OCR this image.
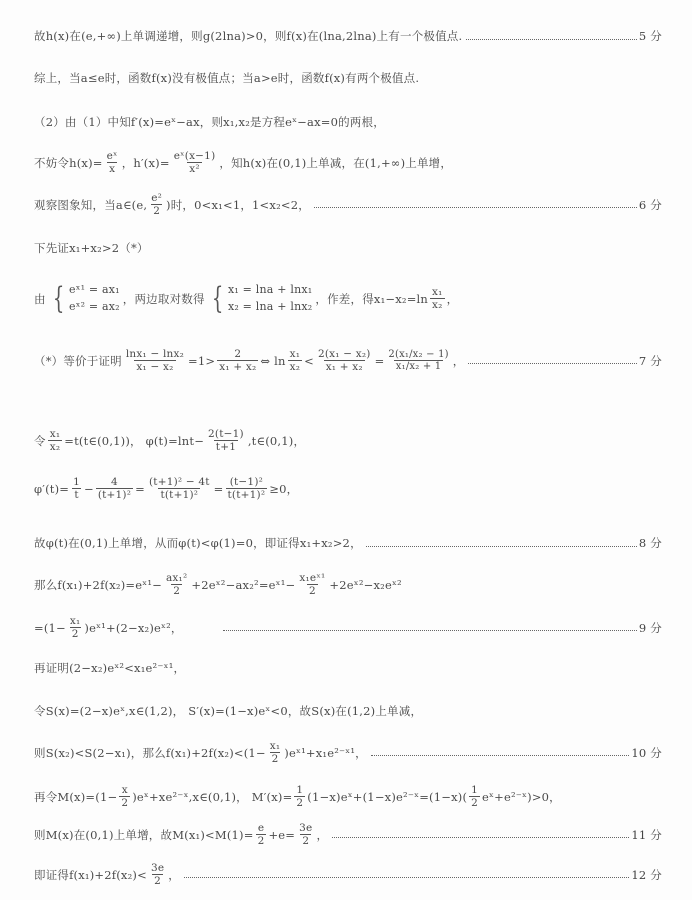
故h(x)在(e,+∞)上单调递增，则g(2lna)>0，则f(x)在(lna,2lna)上有一个极值点.	5 分
综上，当a≤e时，函数f(x)没有极值点；当a>e时，函数f(x)有两个极值点.
（2）由（1）中知f′(x)=eˣ−ax，则x₁,x₂是方程eˣ−ax=0的两根，
不妨令$h(x)= \frac{\text{eˣ}}{x}$ ，$h'(x)= \frac{\text{eˣ(x−1)}}{\text{x²}}$ ，知h(x)在(0,1)上单减，在(1,+∞)上单增，
观察图象知，当a∈(e, $\frac{\text{e²}}{2}$ )时，0<x₁<1，1<x₂<2，	6 分
下先证x₁+x₂>2（*）
由 { eˣ¹ = ax₁
eˣ² = ax₂
，两边取对数得 { x₁ = lna + lnx₁
x₂ = lna + lnx₂
，作差，得$x_1-x_2=\ln \frac{\text{x₁}}{\text{x₂}}$ ，
（*）等价于证明 $\frac{\text{lnx₁ − lnx₂}}{\text{x₁ − x₂}} =1> \frac{2}{\text{x₁ + x₂}}$ ⇔ $\ln \frac{\text{x₁}}{\text{x₂}} < \frac{\text{2(x₁ − x₂)}}{\text{x₁ + x₂}} = \frac{\text{2(x₁/x₂ − 1)}}{\text{x₁/x₂ + 1}}$ ，	7 分
令 $\frac{\text{x₁}}{\text{x₂}}$ =t(t∈(0,1))， $\varphi(t)=\ln t- \frac{2(t-1)}{t+1}$ ,t∈(0,1)，
$\varphi'(t)= \frac{1}{t} - \frac{4}{\text{(t+1)²}} = \frac{\text{(t+1)² − 4t}}{\text{t(t+1)²}} = \frac{\text{(t−1)²}}{\text{t(t+1)²}} \ge 0$，
故φ(t)在(0,1)上单增，从而φ(t)<φ(1)=0，即证得x₁+x₂>2，	8 分
那么f(x₁)+2f(x₂)=eˣ¹− $\frac{\text{ax₁²}}{2}$ +2eˣ²−ax₂²=eˣ¹− $\frac{\text{x₁eˣ¹}}{2}$ +2eˣ²−x₂eˣ²
$=(1- \frac{\text{x₁}}{2}$ )eˣ¹+(2−x₂)eˣ²，	9 分
再证明(2−x₂)eˣ²<x₁e²⁻ˣ¹，
令S(x)=(2−x)eˣ,x∈(1,2)， S′(x)=(1−x)eˣ<0，故S(x)在(1,2)上单减，
则S(x₂)<S(2−x₁)，那么$f(x_1)+2f(x_2)<(1- \frac{\text{x₁}}{2}$ )eˣ¹+x₁e²⁻ˣ¹，	10 分
再令$M(x)=(1- \frac{x}{2}$ )eˣ+xe²⁻ˣ,x∈(0,1)， $M'(x)= \frac{1}{2}$ (1−x)eˣ+(1−x)e²⁻ˣ=(1−x)( $\frac{1}{2}$ eˣ+e²⁻ˣ)>0，
则M(x)在(0,1)上单增，故$M(x_1)<M(1)= \frac{e}{2} +e= \frac{3e}{2}$ ，	11 分
即证得$f(x_1)+2f(x_2)< \frac{3e}{2}$ ，	12 分
